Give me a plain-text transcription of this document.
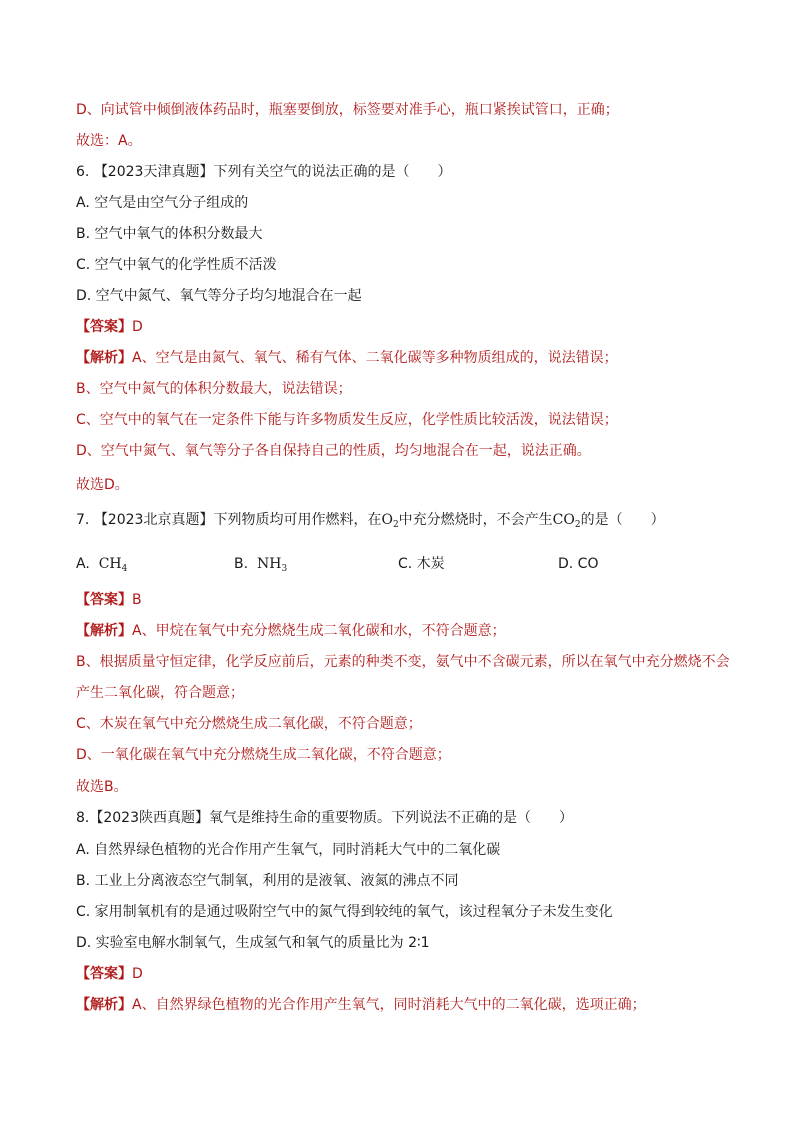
D、向试管中倾倒液体药品时，瓶塞要倒放，标签要对准手心，瓶口紧挨试管口，正确；
故选：A。
6. 【2023天津真题】下列有关空气的说法正确的是（ ）
A. 空气是由空气分子组成的
B. 空气中氧气的体积分数最大
C. 空气中氧气的化学性质不活泼
D. 空气中氮气、氧气等分子均匀地混合在一起
【答案】D
【解析】A、空气是由氮气、氧气、稀有气体、二氧化碳等多种物质组成的，说法错误；
B、空气中氮气的体积分数最大，说法错误；
C、空气中的氧气在一定条件下能与许多物质发生反应，化学性质比较活泼，说法错误；
D、空气中氮气、氧气等分子各自保持自己的性质，均匀地混合在一起，说法正确。
故选D。
7. 【2023北京真题】下列物质均可用作燃料，在$O_2$中充分燃烧时，不会产生$CO_2$的是（ ）
A. $CH_4$	B. $NH_3$	C. 木炭	D. CO
【答案】B
【解析】A、甲烷在氧气中充分燃烧生成二氧化碳和水，不符合题意；
B、根据质量守恒定律，化学反应前后，元素的种类不变，氨气中不含碳元素，所以在氧气中充分燃烧不会
产生二氧化碳，符合题意；
C、木炭在氧气中充分燃烧生成二氧化碳，不符合题意；
D、一氧化碳在氧气中充分燃烧生成二氧化碳，不符合题意；
故选B。
8.【2023陕西真题】氧气是维持生命的重要物质。下列说法不正确的是（ ）
A. 自然界绿色植物的光合作用产生氧气，同时消耗大气中的二氧化碳
B. 工业上分离液态空气制氧，利用的是液氧、液氮的沸点不同
C. 家用制氧机有的是通过吸附空气中的氮气得到较纯的氧气，该过程氧分子未发生变化
D. 实验室电解水制氧气，生成氢气和氧气的质量比为 2∶1
【答案】D
【解析】A、自然界绿色植物的光合作用产生氧气，同时消耗大气中的二氧化碳，选项正确；
